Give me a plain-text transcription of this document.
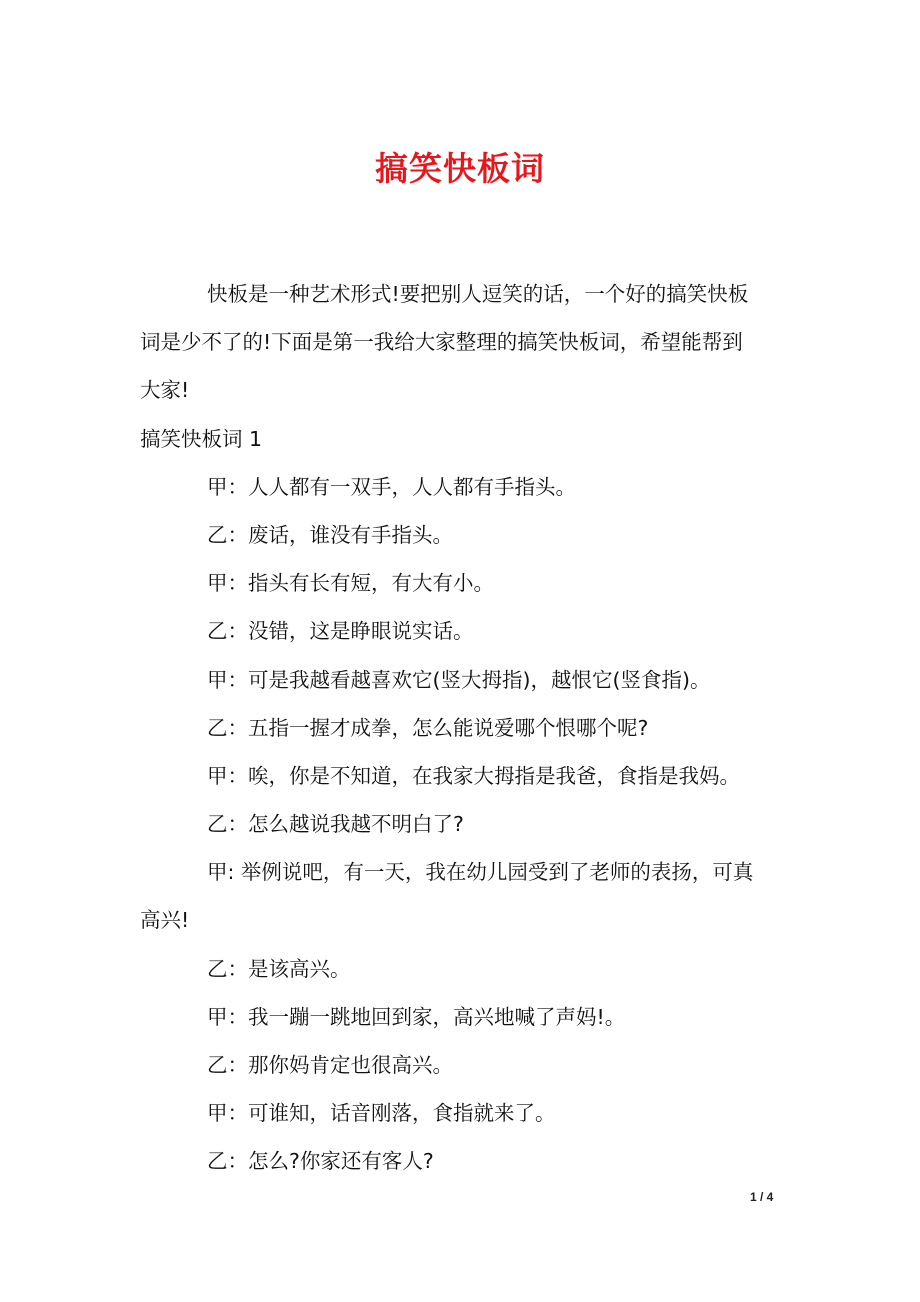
搞笑快板词
快板是一种艺术形式!要把别人逗笑的话，一个好的搞笑快板
词是少不了的!下面是第一我给大家整理的搞笑快板词，希望能帮到
大家!
搞笑快板词 1
甲：人人都有一双手，人人都有手指头。
乙：废话，谁没有手指头。
甲：指头有长有短，有大有小。
乙：没错，这是睁眼说实话。
甲：可是我越看越喜欢它(竖大拇指)，越恨它(竖食指)。
乙：五指一握才成拳，怎么能说爱哪个恨哪个呢?
甲：唉，你是不知道，在我家大拇指是我爸，食指是我妈。
乙：怎么越说我越不明白了?
甲: 举例说吧，有一天，我在幼儿园受到了老师的表扬，可真
高兴!
乙：是该高兴。
甲：我一蹦一跳地回到家，高兴地喊了声妈!。
乙：那你妈肯定也很高兴。
甲：可谁知，话音刚落，食指就来了。
乙：怎么?你家还有客人?
1 / 4
